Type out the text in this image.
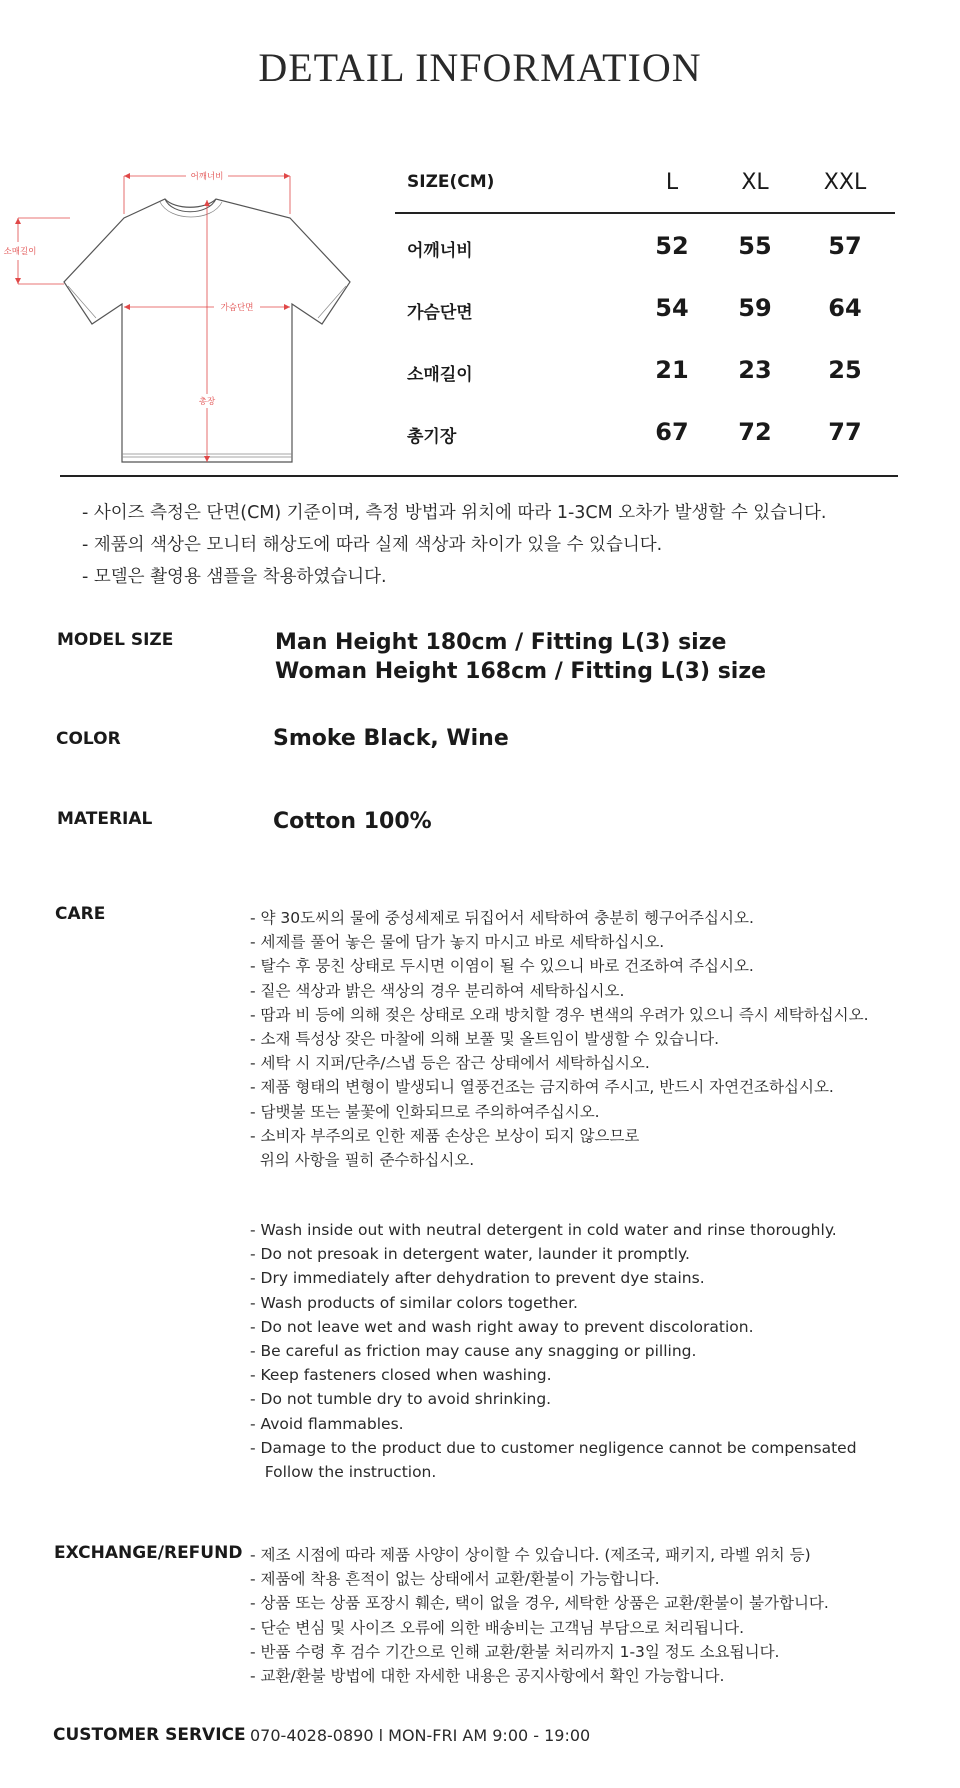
DETAIL INFORMATION
어깨너비
소매길이
가슴단면
총장
SIZE(CM)	L	XL	XXL
어깨너비	52	55	57
가슴단면	54	59	64
소매길이	21	23	25
총기장	67	72	77
- 사이즈 측정은 단면(CM) 기준이며, 측정 방법과 위치에 따라 1-3CM 오차가 발생할 수 있습니다.
- 제품의 색상은 모니터 해상도에 따라 실제 색상과 차이가 있을 수 있습니다.
- 모델은 촬영용 샘플을 착용하였습니다.
MODEL SIZE	Man Height 180cm / Fitting L(3) size
Woman Height 168cm / Fitting L(3) size
COLOR	Smoke Black, Wine
MATERIAL	Cotton 100%
CARE	- 약 30도씨의 물에 중성세제로 뒤집어서 세탁하여 충분히 헹구어주십시오.
- 세제를 풀어 놓은 물에 담가 놓지 마시고 바로 세탁하십시오.
- 탈수 후 뭉친 상태로 두시면 이염이 될 수 있으니 바로 건조하여 주십시오.
- 짙은 색상과 밝은 색상의 경우 분리하여 세탁하십시오.
- 땀과 비 등에 의해 젖은 상태로 오래 방치할 경우 변색의 우려가 있으니 즉시 세탁하십시오.
- 소재 특성상 잦은 마찰에 의해 보풀 및 올트임이 발생할 수 있습니다.
- 세탁 시 지퍼/단추/스냅 등은 잠근 상태에서 세탁하십시오.
- 제품 형태의 변형이 발생되니 열풍건조는 금지하여 주시고, 반드시 자연건조하십시오.
- 담뱃불 또는 불꽃에 인화되므로 주의하여주십시오.
- 소비자 부주의로 인한 제품 손상은 보상이 되지 않으므로
위의 사항을 필히 준수하십시오.
- Wash inside out with neutral detergent in cold water and rinse thoroughly.
- Do not presoak in detergent water, launder it promptly.
- Dry immediately after dehydration to prevent dye stains.
- Wash products of similar colors together.
- Do not leave wet and wash right away to prevent discoloration.
- Be careful as friction may cause any snagging or pilling.
- Keep fasteners closed when washing.
- Do not tumble dry to avoid shrinking.
- Avoid flammables.
- Damage to the product due to customer negligence cannot be compensated
Follow the instruction.
EXCHANGE/REFUND - 제조 시점에 따라 제품 사양이 상이할 수 있습니다. (제조국, 패키지, 라벨 위치 등)
- 제품에 착용 흔적이 없는 상태에서 교환/환불이 가능합니다.
- 상품 또는 상품 포장시 훼손, 택이 없을 경우, 세탁한 상품은 교환/환불이 불가합니다.
- 단순 변심 및 사이즈 오류에 의한 배송비는 고객님 부담으로 처리됩니다.
- 반품 수령 후 검수 기간으로 인해 교환/환불 처리까지 1-3일 정도 소요됩니다.
- 교환/환불 방법에 대한 자세한 내용은 공지사항에서 확인 가능합니다.
CUSTOMER SERVICE 070-4028-0890 l MON-FRI AM 9:00 - 19:00
